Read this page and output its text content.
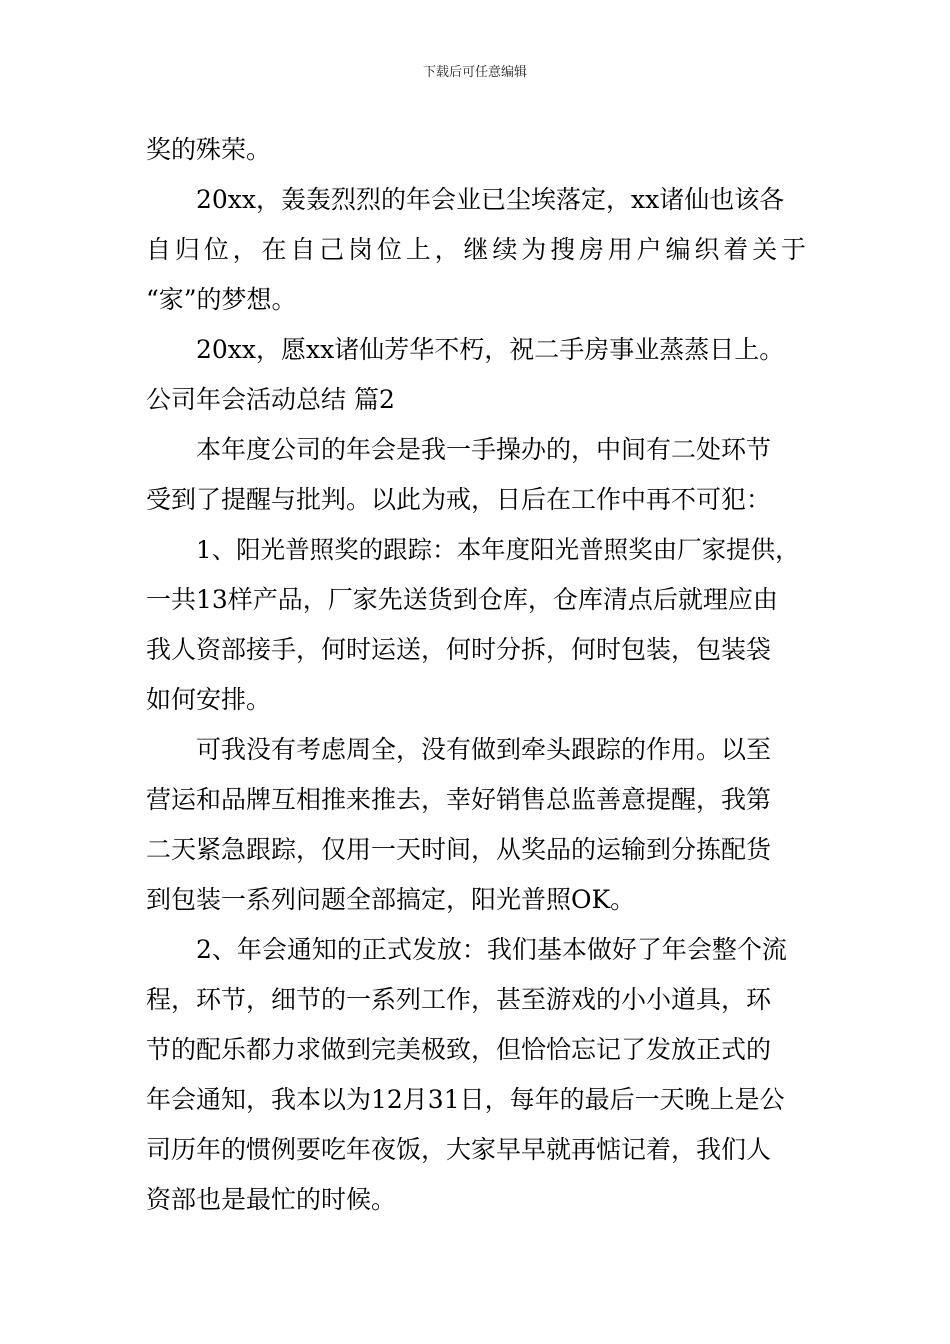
下载后可任意编辑
奖的殊荣。
20xx，轰轰烈烈的年会业已尘埃落定，xx诸仙也该各
自归位，在自己岗位上，继续为搜房用户编织着关于
“家”的梦想。
20xx，愿xx诸仙芳华不朽，祝二手房事业蒸蒸日上。
公司年会活动总结 篇2
本年度公司的年会是我一手操办的，中间有二处环节
受到了提醒与批判。以此为戒，日后在工作中再不可犯：
1、阳光普照奖的跟踪：本年度阳光普照奖由厂家提供，
一共13样产品，厂家先送货到仓库，仓库清点后就理应由
我人资部接手，何时运送，何时分拆，何时包装，包装袋
如何安排。
可我没有考虑周全，没有做到牵头跟踪的作用。以至
营运和品牌互相推来推去，幸好销售总监善意提醒，我第
二天紧急跟踪，仅用一天时间，从奖品的运输到分拣配货
到包装一系列问题全部搞定，阳光普照OK。
2、年会通知的正式发放：我们基本做好了年会整个流
程，环节，细节的一系列工作，甚至游戏的小小道具，环
节的配乐都力求做到完美极致，但恰恰忘记了发放正式的
年会通知，我本以为12月31日，每年的最后一天晚上是公
司历年的惯例要吃年夜饭，大家早早就再惦记着，我们人
资部也是最忙的时候。
